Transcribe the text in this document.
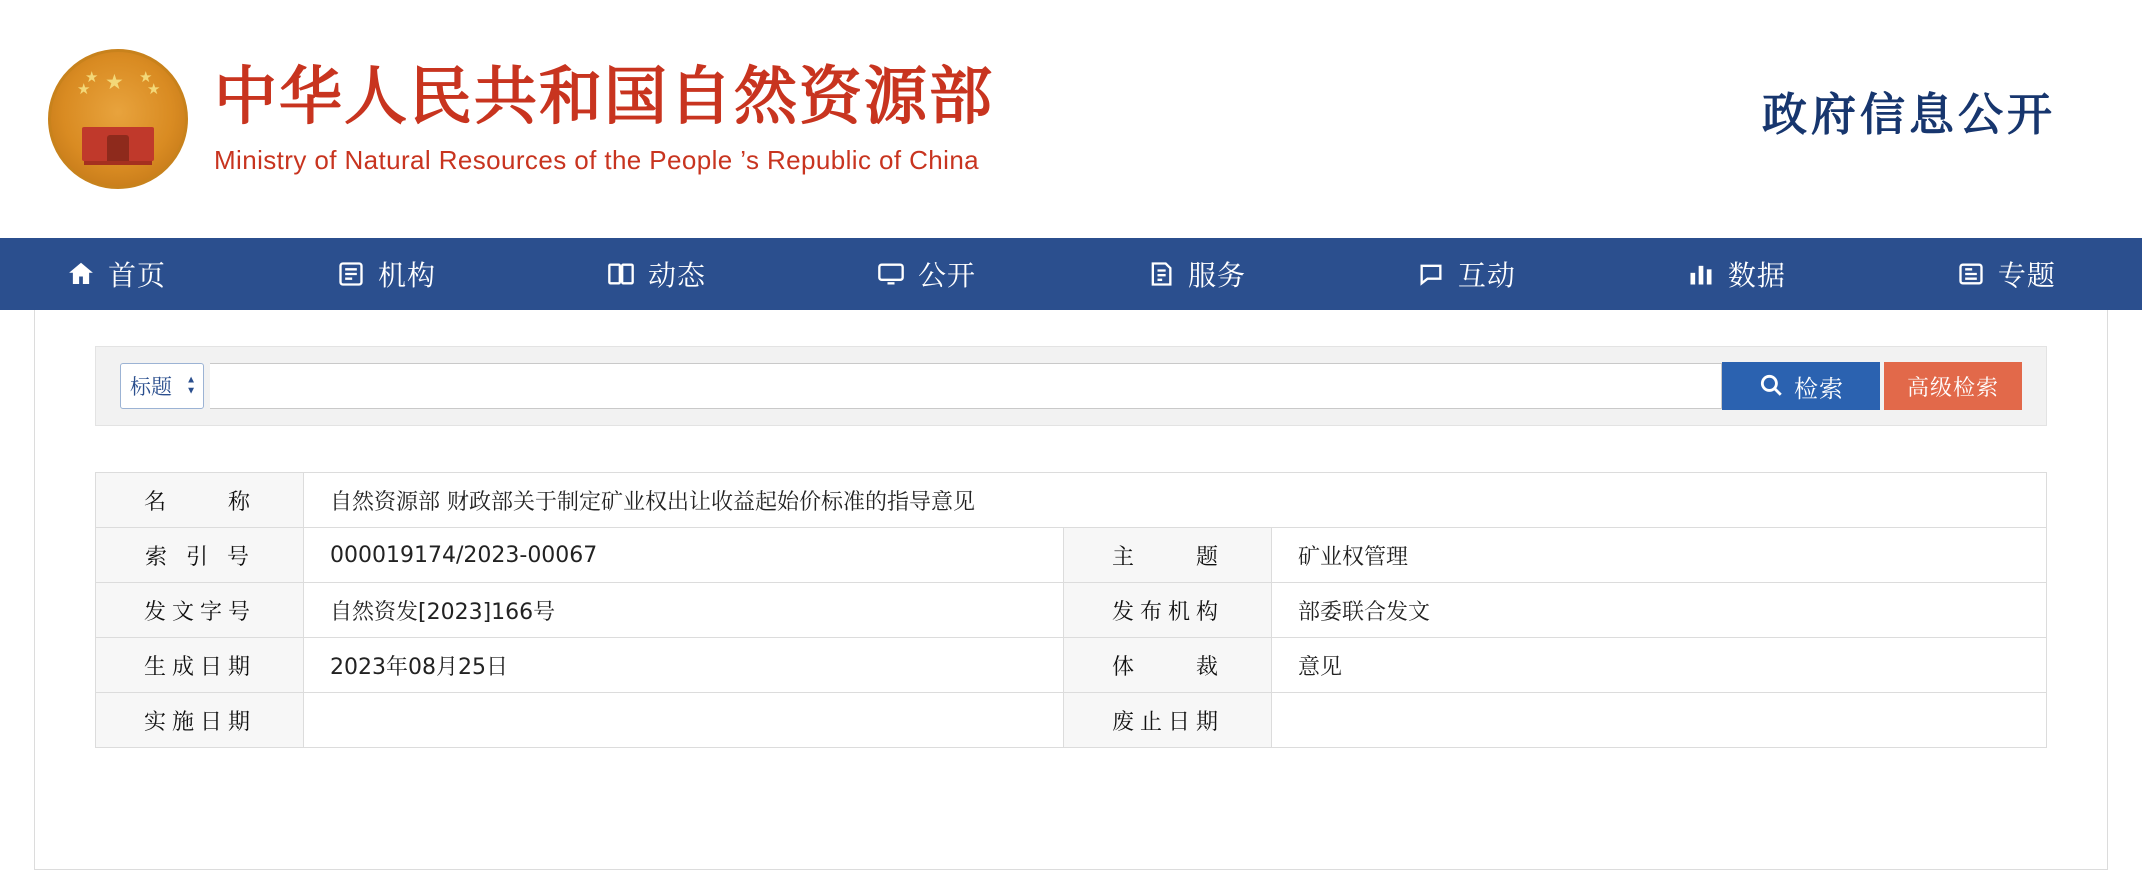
★
★
★
★
★ 中华人民共和国自然资源部
Ministry of Natural Resources of the People ’s Republic of China
政府信息公开
首页	机构	动态	公开	服务	互动	数据	专题
标题 ▲
▼	检索	高级检索
名　　称	自然资源部 财政部关于制定矿业权出让收益起始价标准的指导意见		
索 引 号	000019174/2023-00067	主　　题	矿业权管理
发文字号	自然资发[2023]166号	发布机构	部委联合发文
生成日期	2023年08月25日	体　　裁	意见
实施日期		废止日期	
